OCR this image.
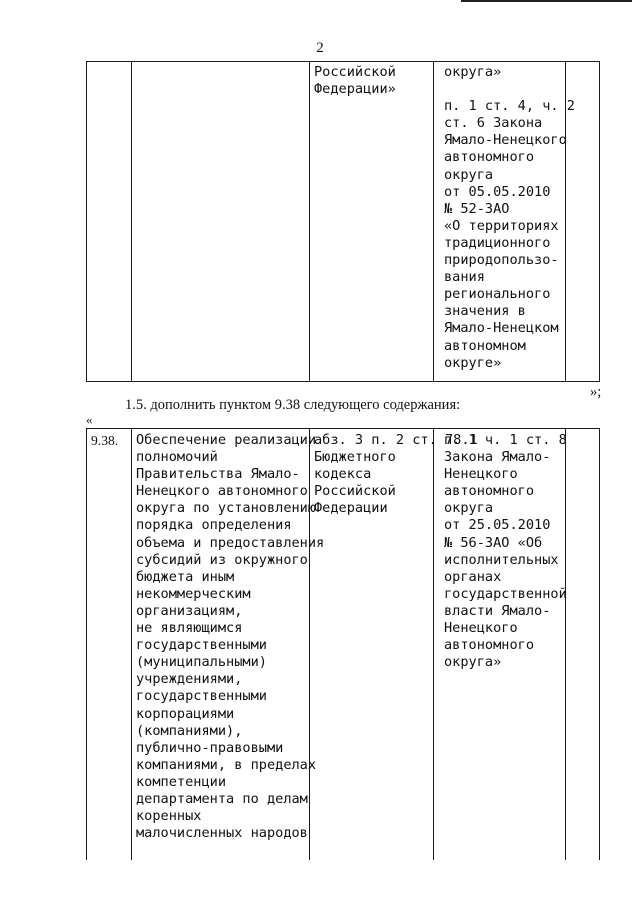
2
Российской
Федерации»
округа»

п. 1 ст. 4, ч. 2
ст. 6 Закона
Ямало-Ненецкого
автономного
округа
от 05.05.2010
№ 52-ЗАО
«О территориях
традиционного
природопользо-
вания
регионального
значения в
Ямало-Ненецком
автономном
округе»
»;
1.5. дополнить пунктом 9.38 следующего содержания:
«
9.38. Обеспечение реализации
полномочий
Правительства Ямало-
Ненецкого автономного
округа по установлению
порядка определения
объема и предоставления
субсидий из окружного
бюджета иным
некоммерческим
организациям,
не являющимся
государственными
(муниципальными)
учреждениями,
государственными
корпорациями
(компаниями),
публично-правовыми
компаниями, в пределах
компетенции
департамента по делам
коренных
малочисленных народов
абз. 3 п. 2 ст. 78.1
Бюджетного
кодекса
Российской
Федерации
п. 1 ч. 1 ст. 8
Закона Ямало-
Ненецкого
автономного
округа
от 25.05.2010
№ 56-ЗАО «Об
исполнительных
органах
государственной
власти Ямало-
Ненецкого
автономного
округа»
